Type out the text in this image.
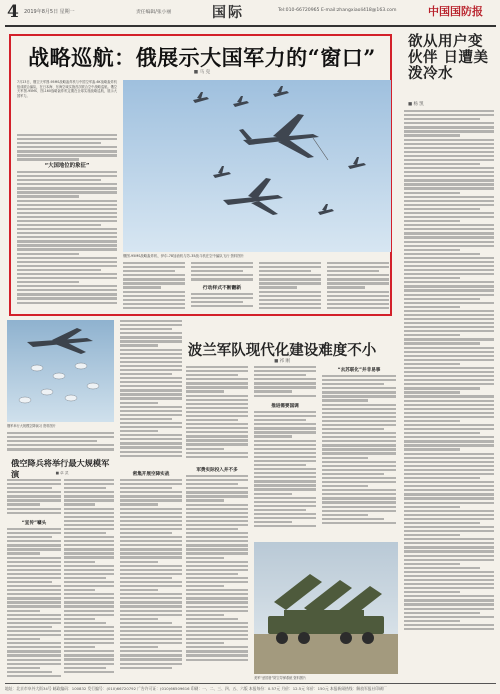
4 2019年8月5日 星期一	责任编辑/张小丽	国际	Tel:010-66720965 E-mail:zhangxiaoli418@163.com	中国国防报
战略巡航：俄展示大国军力的“窗口”
■ 马 克
7月23日，俄空天军图-95MS战略轰炸机与中国空军轰-6K战略轰炸机组成联合编队，在日本海、东海空域实施首次联合空中战略巡航。俄空天军图-95MS、图-160战略轰炸机定期在全球实施战略巡航，展示大国军力。
“大国地位的象征”
俄图-95MS战略轰炸机、伊尔-78加油机与苏-35战斗机在空中编队飞行 资料图片
行动样式不断翻新
欲从用户变伙伴 日遭美泼冷水
■ 杨 凯
俄军举行大规模空降演习 资料图片
俄空降兵将举行最大规模军演	■ 卓 武
“宣传”噱头
密集开展空降实战
波兰军队现代化建设难度不小
■ 祁 刚
军费实际投入并不多
推进需要国调
“去苏联化”并非易事
美军“爱国者”防空导弹系统 资料图片
地址：北京市阜外大街34号 邮政编码：100832 发行编号：(010)66720792 广告许可证：(010)66509616 印刷：一、二、三、四、五、六版 本报每份：0.57元 月价：12.5元 年价：150元 本报新闻热线：解放军报社印刷厂
